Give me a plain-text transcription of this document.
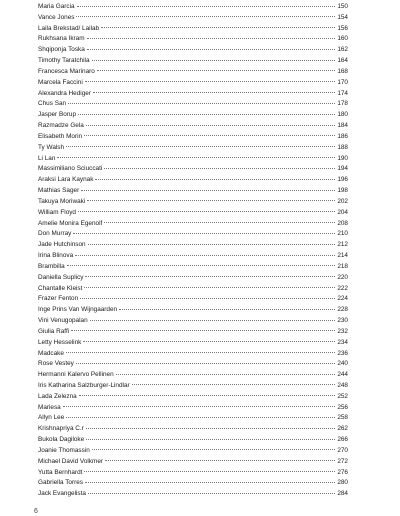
Maria Garcia	150
Vance Jones	154
Laila Brekstad/ Lailab	156
Rukhsana Ikram	160
Shqiponja Toska	162
Timothy Taratchila	164
Francesca Marinaro	168
Marcela Faccini	170
Alexandra Hediger	174
Chus San	178
Jasper Borup	180
Razmadze Gela	184
Elisabeth Morin	186
Ty Walsh	188
Li Lan	190
Massimiliano Sciuccati	194
Araksi Lara Kaynak	196
Mathias Sager	198
Takuya Moriwaki	202
William Floyd	204
Amelie Monira Egenolf	208
Don Murray	210
Jade Hutchinson	212
Irina Blinova	214
Brambilla	218
Daniella Suplicy	220
Chantalle Kleist	222
Frazer Fenton	224
Inge Prins Van Wijngaarden	228
Vini Venugopalan	230
Giulia Raffi	232
Letty Hesselink	234
Madcake	236
Rose Vestey	240
Hermanni Kalervo Pellinen	244
Iris Katharina Salzburger-Lindlar	248
Lada Zelezna	252
Mariesa	256
Allyn Lee	258
Krishnapriya C.r	262
Bukola Dagiloke	266
Joanie Thomassin	270
Michael David Volkmer	272
Yutta Bernhardt	276
Gabriella Torres	280
Jack Evangelista	284
6
